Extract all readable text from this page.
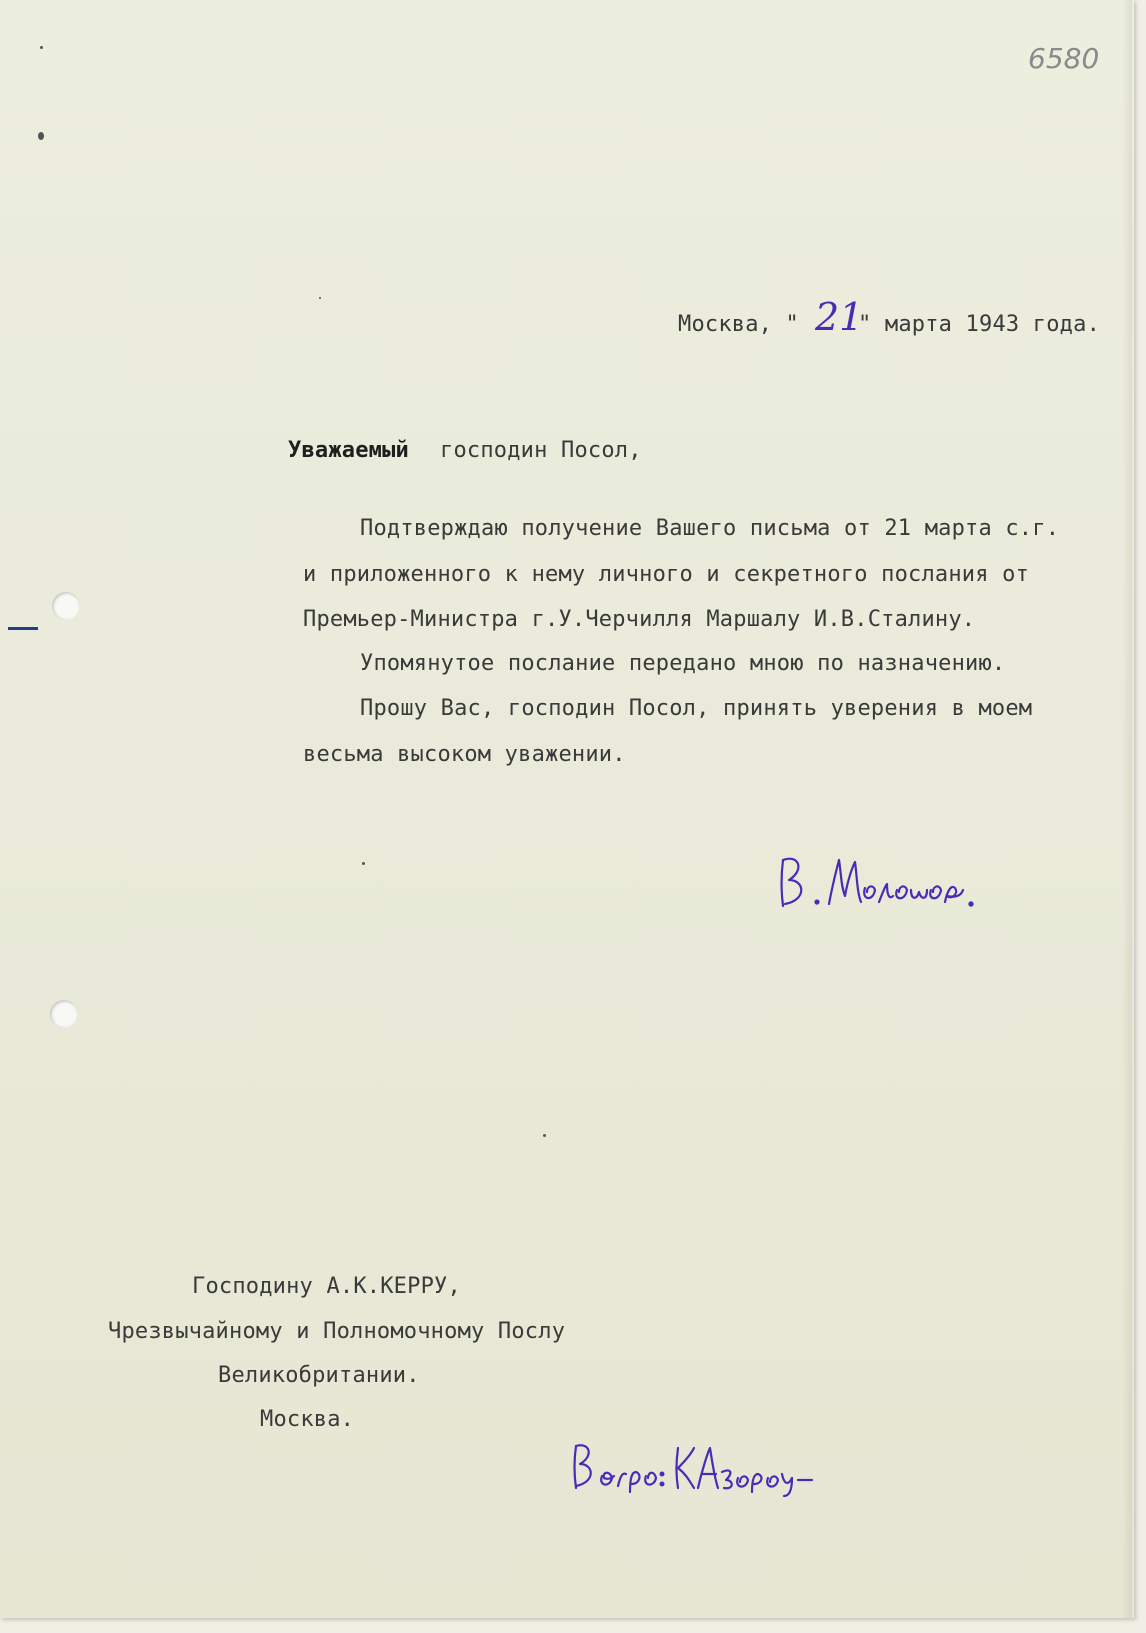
6580
Москва, " 21
" марта 1943 года.
Уважаемый господин Посол,
Подтверждаю получение Вашего письма от 21 марта с.г.
и приложенного к нему личного и секретного послания от
Премьер-Министра г.У.Черчилля Маршалу И.В.Сталину.
Упомянутое послание передано мною по назначению.
Прошу Вас, господин Посол, принять уверения в моем
весьма высоком уважении.
Господину А.К.КЕРРУ,
Чрезвычайному и Полномочному Послу
Великобритании.
Москва.
